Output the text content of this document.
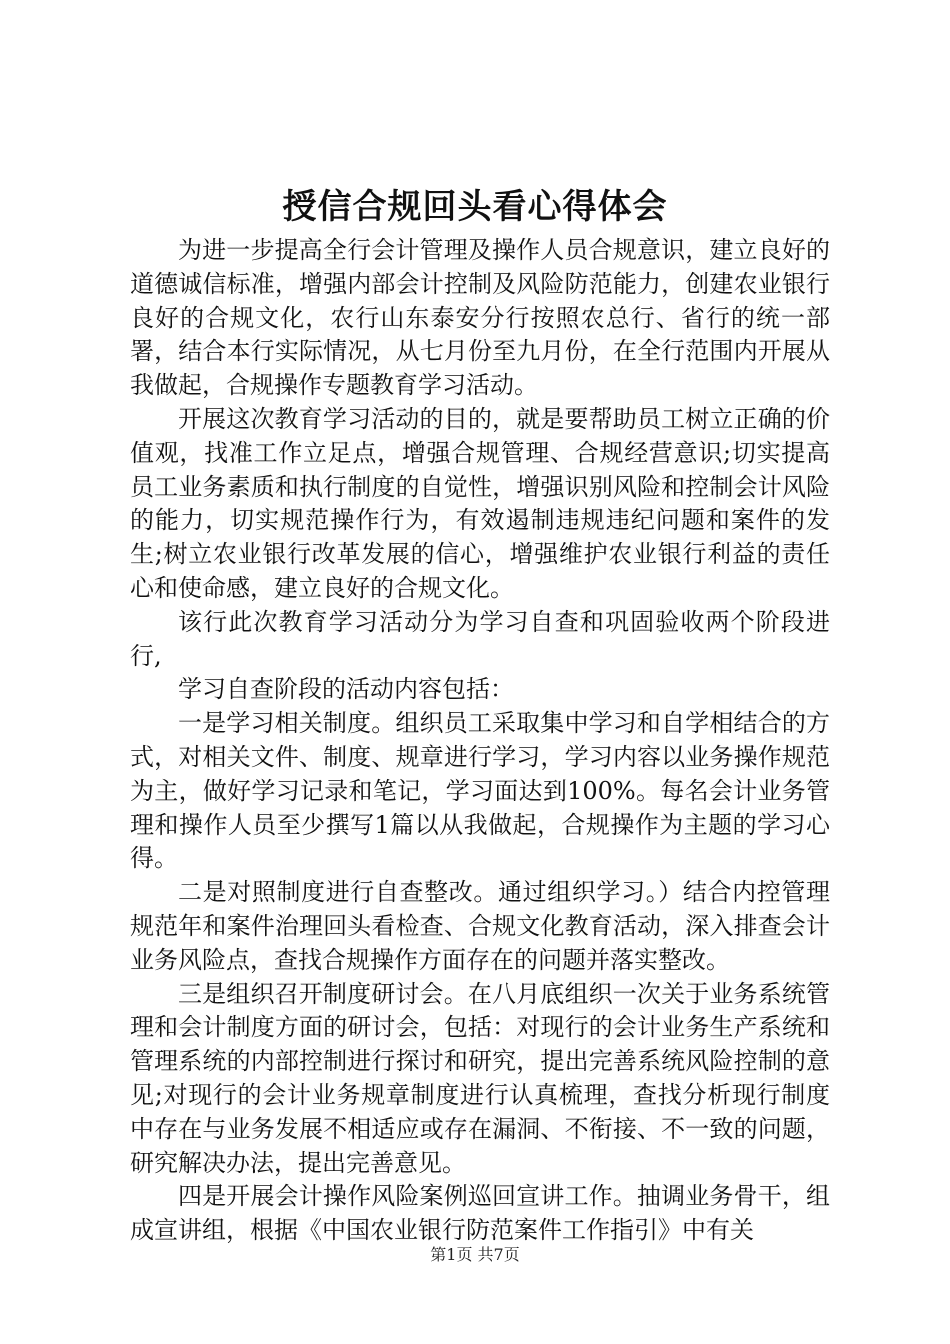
授信合规回头看心得体会

为进一步提高全行会计管理及操作人员合规意识，建立良好的道德诚信标准，增强内部会计控制及风险防范能力，创建农业银行良好的合规文化，农行山东泰安分行按照农总行、省行的统一部署，结合本行实际情况，从七月份至九月份，在全行范围内开展从我做起，合规操作专题教育学习活动。

开展这次教育学习活动的目的，就是要帮助员工树立正确的价值观，找准工作立足点，增强合规管理、合规经营意识;切实提高员工业务素质和执行制度的自觉性，增强识别风险和控制会计风险的能力，切实规范操作行为，有效遏制违规违纪问题和案件的发生;树立农业银行改革发展的信心，增强维护农业银行利益的责任心和使命感，建立良好的合规文化。

该行此次教育学习活动分为学习自查和巩固验收两个阶段进行,

学习自查阶段的活动内容包括：

一是学习相关制度。组织员工采取集中学习和自学相结合的方式，对相关文件、制度、规章进行学习，学习内容以业务操作规范为主，做好学习记录和笔记，学习面达到100%。每名会计业务管理和操作人员至少撰写1篇以从我做起，合规操作为主题的学习心得。

二是对照制度进行自查整改。通过组织学习。）结合内控管理规范年和案件治理回头看检查、合规文化教育活动，深入排查会计业务风险点，查找合规操作方面存在的问题并落实整改。

三是组织召开制度研讨会。在八月底组织一次关于业务系统管理和会计制度方面的研讨会，包括：对现行的会计业务生产系统和管理系统的内部控制进行探讨和研究，提出完善系统风险控制的意见;对现行的会计业务规章制度进行认真梳理，查找分析现行制度中存在与业务发展不相适应或存在漏洞、不衔接、不一致的问题，研究解决办法，提出完善意见。

四是开展会计操作风险案例巡回宣讲工作。抽调业务骨干，组成宣讲组，根据《中国农业银行防范案件工作指引》中有关

第1页 共7页
